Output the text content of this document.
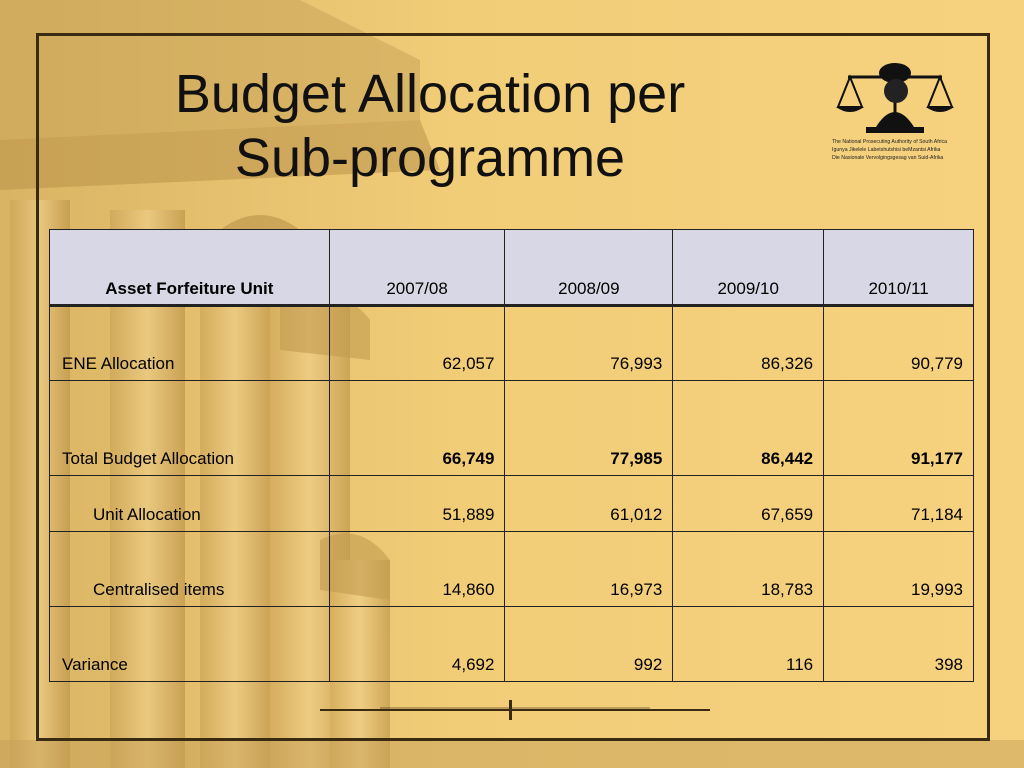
Budget Allocation per
Sub-programme	The National Prosecuting Authority of South Africa
Igunya Jikelele Labetshutshisi beMzantsi Afrika
Die Nasionale Vervolgingsgesag van Suid-Afrika
Asset Forfeiture Unit	2007/08	2008/09	2009/10	2010/11
ENE Allocation	62,057	76,993	86,326	90,779
Total Budget Allocation	66,749	77,985	86,442	91,177
Unit Allocation	51,889	61,012	67,659	71,184
Centralised items	14,860	16,973	18,783	19,993
Variance	4,692	992	116	398
